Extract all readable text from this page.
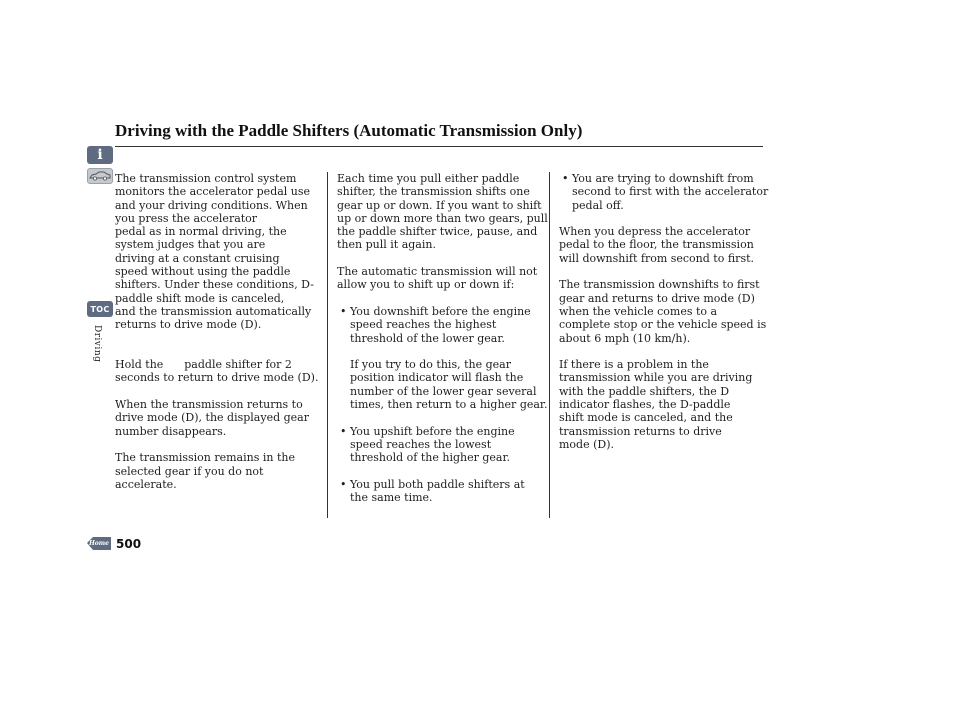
Driving with the Paddle Shifters (Automatic Transmission Only)
i
TOC
Driving
Home 500

The transmission control system
monitors the accelerator pedal use
and your driving conditions. When
you press the accelerator
pedal as in normal driving, the
system judges that you are
driving at a constant cruising
speed without using the paddle
shifters. Under these conditions, D-
paddle shift mode is canceled,
and the transmission automatically
returns to drive mode (D).

Hold the      paddle shifter for 2
seconds to return to drive mode (D).

When the transmission returns to
drive mode (D), the displayed gear
number disappears.

The transmission remains in the
selected gear if you do not accelerate.

Each time you pull either paddle
shifter, the transmission shifts one
gear up or down. If you want to shift
up or down more than two gears, pull
the paddle shifter twice, pause, and
then pull it again.

The automatic transmission will not
allow you to shift up or down if:

• You downshift before the engine
speed reaches the highest
threshold of the lower gear.
If you try to do this, the gear
position indicator will flash the
number of the lower gear several
times, then return to a higher gear.
• You upshift before the engine
speed reaches the lowest
threshold of the higher gear.
• You pull both paddle shifters at
the same time.
• You are trying to downshift from
second to first with the accelerator
pedal off.

When you depress the accelerator
pedal to the floor, the transmission
will downshift from second to first.

The transmission downshifts to first
gear and returns to drive mode (D)
when the vehicle comes to a
complete stop or the vehicle speed is
about 6 mph (10 km/h).

If there is a problem in the
transmission while you are driving
with the paddle shifters, the D
indicator flashes, the D-paddle
shift mode is canceled, and the
transmission returns to drive
mode (D).
